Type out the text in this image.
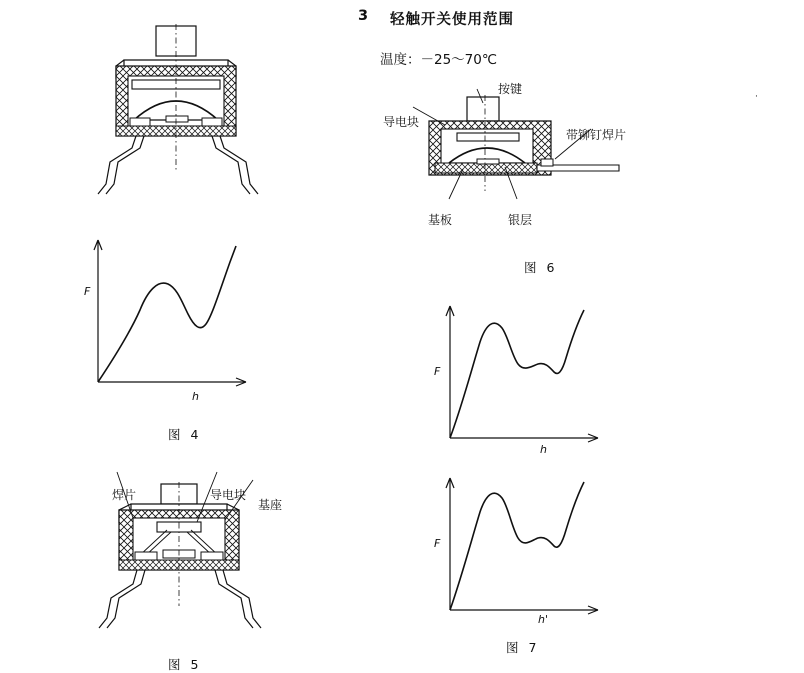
3 轻触开关使用范围
温度：－25～70℃
·
按键
导电块
带铆钉焊片
基板	银层
图 6
F
h
图 4
焊片	导电块
基座
图 5
F
h
F
h'
图 7
